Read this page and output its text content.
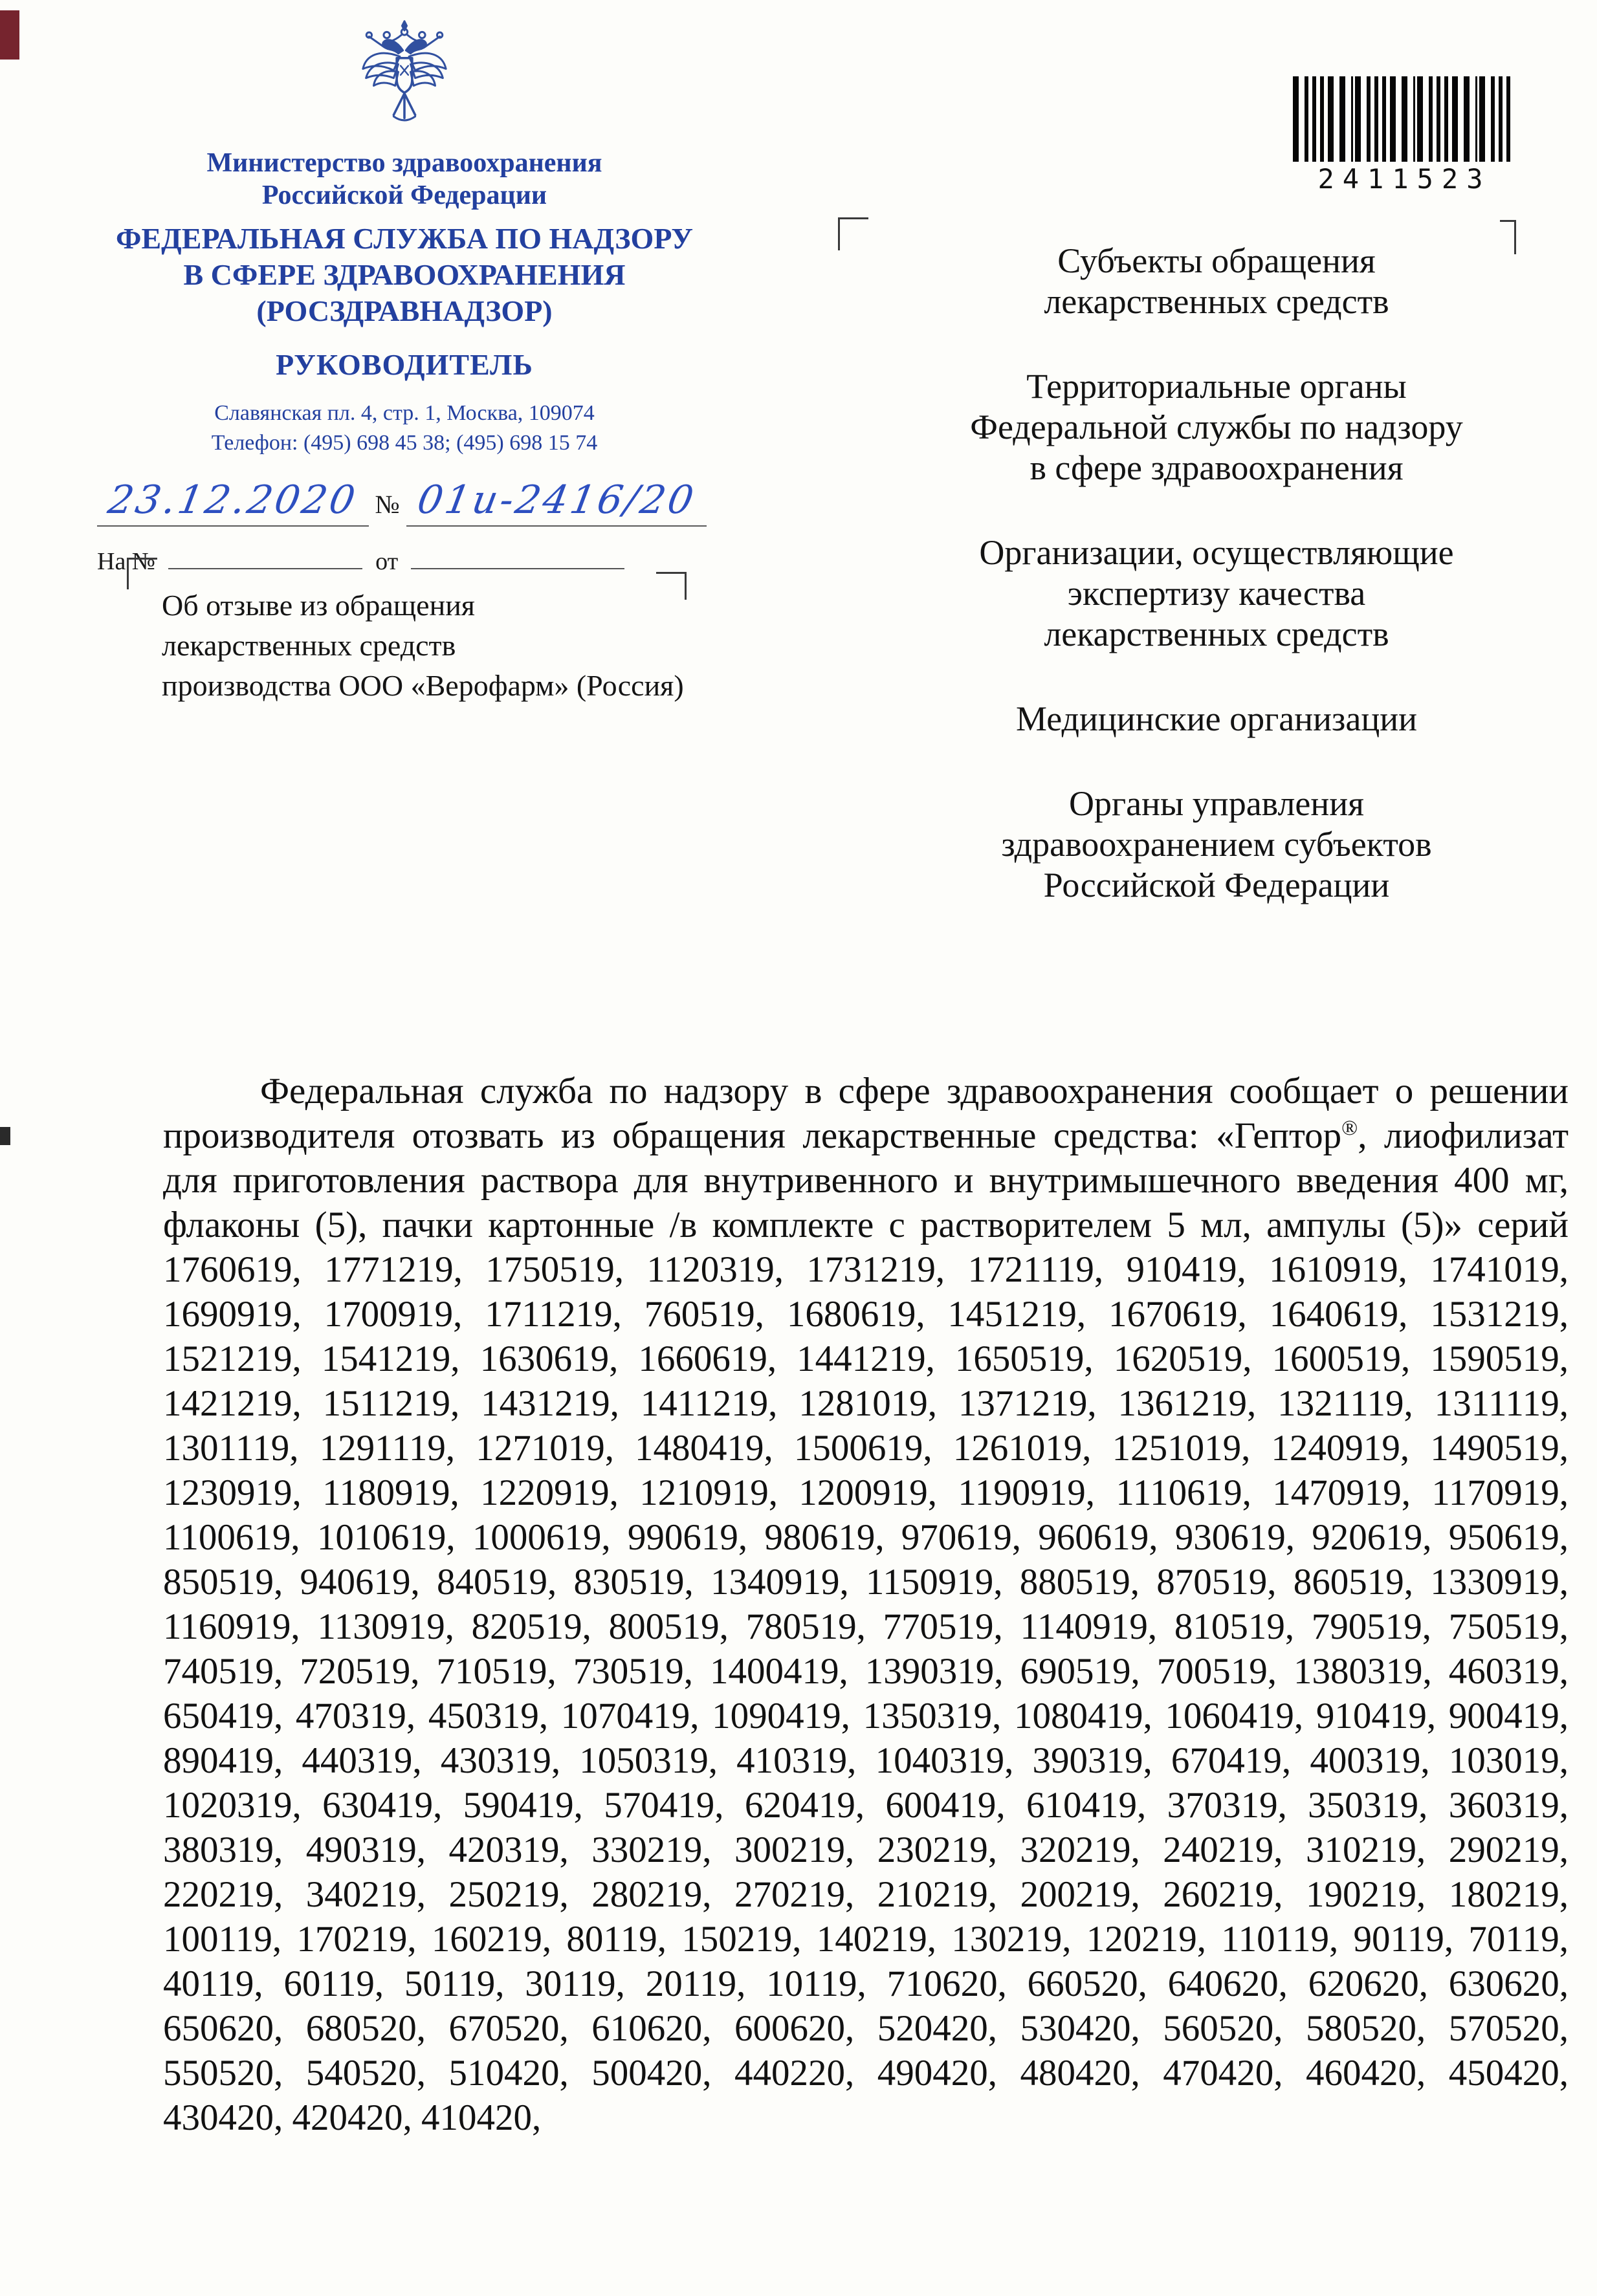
Министерство здравоохранения
Российской Федерации
ФЕДЕРАЛЬНАЯ СЛУЖБА ПО НАДЗОРУ
В СФЕРЕ ЗДРАВООХРАНЕНИЯ
(РОСЗДРАВНАДЗОР)
РУКОВОДИТЕЛЬ
Славянская пл. 4, стр. 1, Москва, 109074
Телефон: (495) 698 45 38; (495) 698 15 74
23.12.2020 № 01и-2416/20
На №	от
Об отзыве из обращения
лекарственных средств
производства ООО «Верофарм» (Россия)
2411523
Субъекты обращения
лекарственных средств
Территориальные органы
Федеральной службы по надзору
в сфере здравоохранения
Организации, осуществляющие
экспертизу качества
лекарственных средств
Медицинские организации
Органы управления
здравоохранением субъектов
Российской Федерации

Федеральная служба по надзору в сфере здравоохранения сообщает о решении производителя отозвать из обращения лекарственные средства: «Гептор®, лиофилизат для приготовления раствора для внутривенного и внутримышечного введения 400 мг, флаконы (5), пачки картонные /в комплекте с растворителем 5 мл, ампулы (5)» серий 1760619, 1771219, 1750519, 1120319, 1731219, 1721119, 910419, 1610919, 1741019, 1690919, 1700919, 1711219, 760519, 1680619, 1451219, 1670619, 1640619, 1531219, 1521219, 1541219, 1630619, 1660619, 1441219, 1650519, 1620519, 1600519, 1590519, 1421219, 1511219, 1431219, 1411219, 1281019, 1371219, 1361219, 1321119, 1311119, 1301119, 1291119, 1271019, 1480419, 1500619, 1261019, 1251019, 1240919, 1490519, 1230919, 1180919, 1220919, 1210919, 1200919, 1190919, 1110619, 1470919, 1170919, 1100619, 1010619, 1000619, 990619, 980619, 970619, 960619, 930619, 920619, 950619, 850519, 940619, 840519, 830519, 1340919, 1150919, 880519, 870519, 860519, 1330919, 1160919, 1130919, 820519, 800519, 780519, 770519, 1140919, 810519, 790519, 750519, 740519, 720519, 710519, 730519, 1400419, 1390319, 690519, 700519, 1380319, 460319, 650419, 470319, 450319, 1070419, 1090419, 1350319, 1080419, 1060419, 910419, 900419, 890419, 440319, 430319, 1050319, 410319, 1040319, 390319, 670419, 400319, 103019, 1020319, 630419, 590419, 570419, 620419, 600419, 610419, 370319, 350319, 360319, 380319, 490319, 420319, 330219, 300219, 230219, 320219, 240219, 310219, 290219, 220219, 340219, 250219, 280219, 270219, 210219, 200219, 260219, 190219, 180219, 100119, 170219, 160219, 80119, 150219, 140219, 130219, 120219, 110119, 90119, 70119, 40119, 60119, 50119, 30119, 20119, 10119, 710620, 660520, 640620, 620620, 630620, 650620, 680520, 670520, 610620, 600620, 520420, 530420, 560520, 580520, 570520, 550520, 540520, 510420, 500420, 440220, 490420, 480420, 470420, 460420, 450420, 430420, 420420, 410420,
